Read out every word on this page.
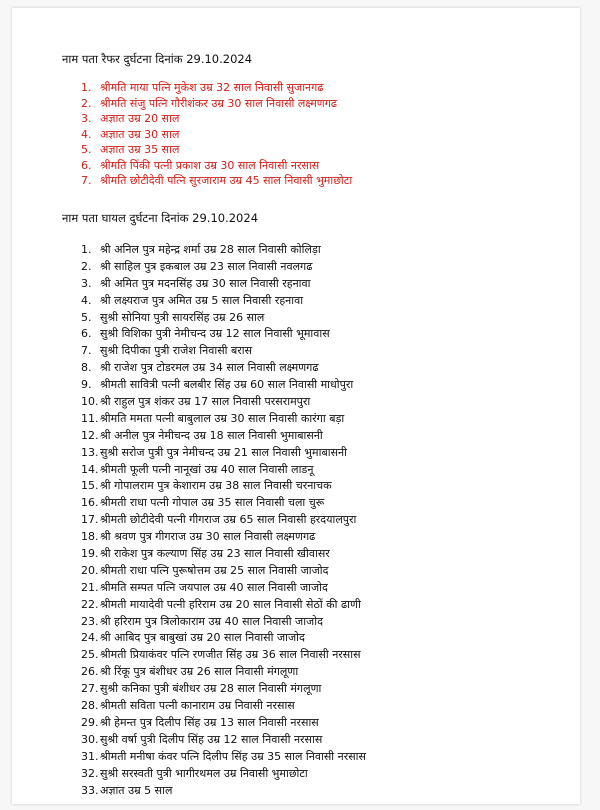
नाम पता रैफर दुर्घटना दिनांक 29.10.2024
1. श्रीमति माया पत्नि मुकेश उम्र 32 साल निवासी सुजानगढ
2. श्रीमति संजु पत्नि गौरीशंकर उम्र 30 साल निवासी लक्ष्मणगढ
3. अज्ञात उम्र 20 साल
4. अज्ञात उम्र 30 साल
5. अज्ञात उम्र 35 साल
6. श्रीमति पिंकी पत्नी प्रकाश उम्र 30 साल निवासी नरसास
7. श्रीमति छोटीदेवी पत्नि सुरजाराम उम्र 45 साल निवासी भुमाछोटा
नाम पता घायल दुर्घटना दिनांक 29.10.2024
1. श्री अनिल पुत्र महेन्द्र शर्मा उम्र 28 साल निवासी कोलिड़ा
2. श्री साहिल पुत्र इकबाल उम्र 23 साल निवासी नवलगढ
3. श्री अमित पुत्र मदनसिंह उम्र 30 साल निवासी रहनावा
4. श्री लक्ष्यराज पुत्र अमित उम्र 5 साल निवासी रहनावा
5. सुश्री सोनिया पुत्री सायरसिंह उम्र 26 साल
6. सुश्री विशिका पुत्री नेमीचन्द उम्र 12 साल निवासी भूमावास
7. सुश्री दिपीका पुत्री राजेश निवासी बरास
8. श्री राजेश पुत्र टोडरमल उम्र 34 साल निवासी लक्ष्मणगढ
9. श्रीमती सावित्री पत्नी बलबीर सिंह उम्र 60 साल निवासी माधोपुरा
10. श्री राहुल पुत्र शंकर उम्र 17 साल निवासी परसरामपुरा
11. श्रीमति ममता पत्नी बाबुलाल उम्र 30 साल निवासी कारंगा बड़ा
12. श्री अनील पुत्र नेमीचन्द उम्र 18 साल निवासी भुमाबासनी
13. सुश्री सरोज पुत्री पुत्र नेमीचन्द उम्र 21 साल निवासी भुमाबासनी
14. श्रीमती फूली पत्नी नानूखां उम्र 40 साल निवासी लाडनू
15. श्री गोपालराम पुत्र केशाराम उम्र 38 साल निवासी चरनाचक
16. श्रीमती राधा पत्नी गोपाल उम्र 35 साल निवासी चला चुरू
17. श्रीमती छोटीदेवी पत्नी गीगराज उम्र 65 साल निवासी हरदयालपुरा
18. श्री श्रवण पुत्र गीगराज उम्र 30 साल निवासी लक्ष्मणगढ
19. श्री राकेश पुत्र कल्याण सिंह उम्र 23 साल निवासी खीवासर
20. श्रीमती राधा पत्नि पुरूषोत्तम उम्र 25 साल निवासी जाजोद
21. श्रीमति सम्पत पत्नि जयपाल उम्र 40 साल निवासी जाजोद
22. श्रीमती मायादेवी पत्नी हरिराम उम्र 20 साल निवासी सेठों की ढाणी
23. श्री हरिराम पुत्र त्रिलोकाराम उम्र 40 साल निवासी जाजोद
24. श्री आबिद पुत्र बाबुखां उम्र 20 साल निवासी जाजोद
25. श्रीमती प्रियाकंवर पत्नि रणजीत सिंह उम्र 36 साल निवासी नरसास
26. श्री रिंकू पुत्र बंशीधर उम्र 26 साल निवासी मंगलूणा
27. सुश्री कनिका पुत्री बंशीधर उम्र 28 साल निवासी मंगलूणा
28. श्रीमती सविता पत्नी कानाराम उम्र निवासी नरसास
29. श्री हेमन्त पुत्र दिलीप सिंह उम्र 13 साल निवासी नरसास
30. सुश्री वर्षा पुत्री दिलीप सिंह उम्र 12 साल निवासी नरसास
31. श्रीमती मनीषा कंवर पत्नि दिलीप सिंह उम्र 35 साल निवासी नरसास
32. सुश्री सरस्वती पुत्री भागीरथमल उम्र निवासी भुमाछोटा
33. अज्ञात उम्र 5 साल
